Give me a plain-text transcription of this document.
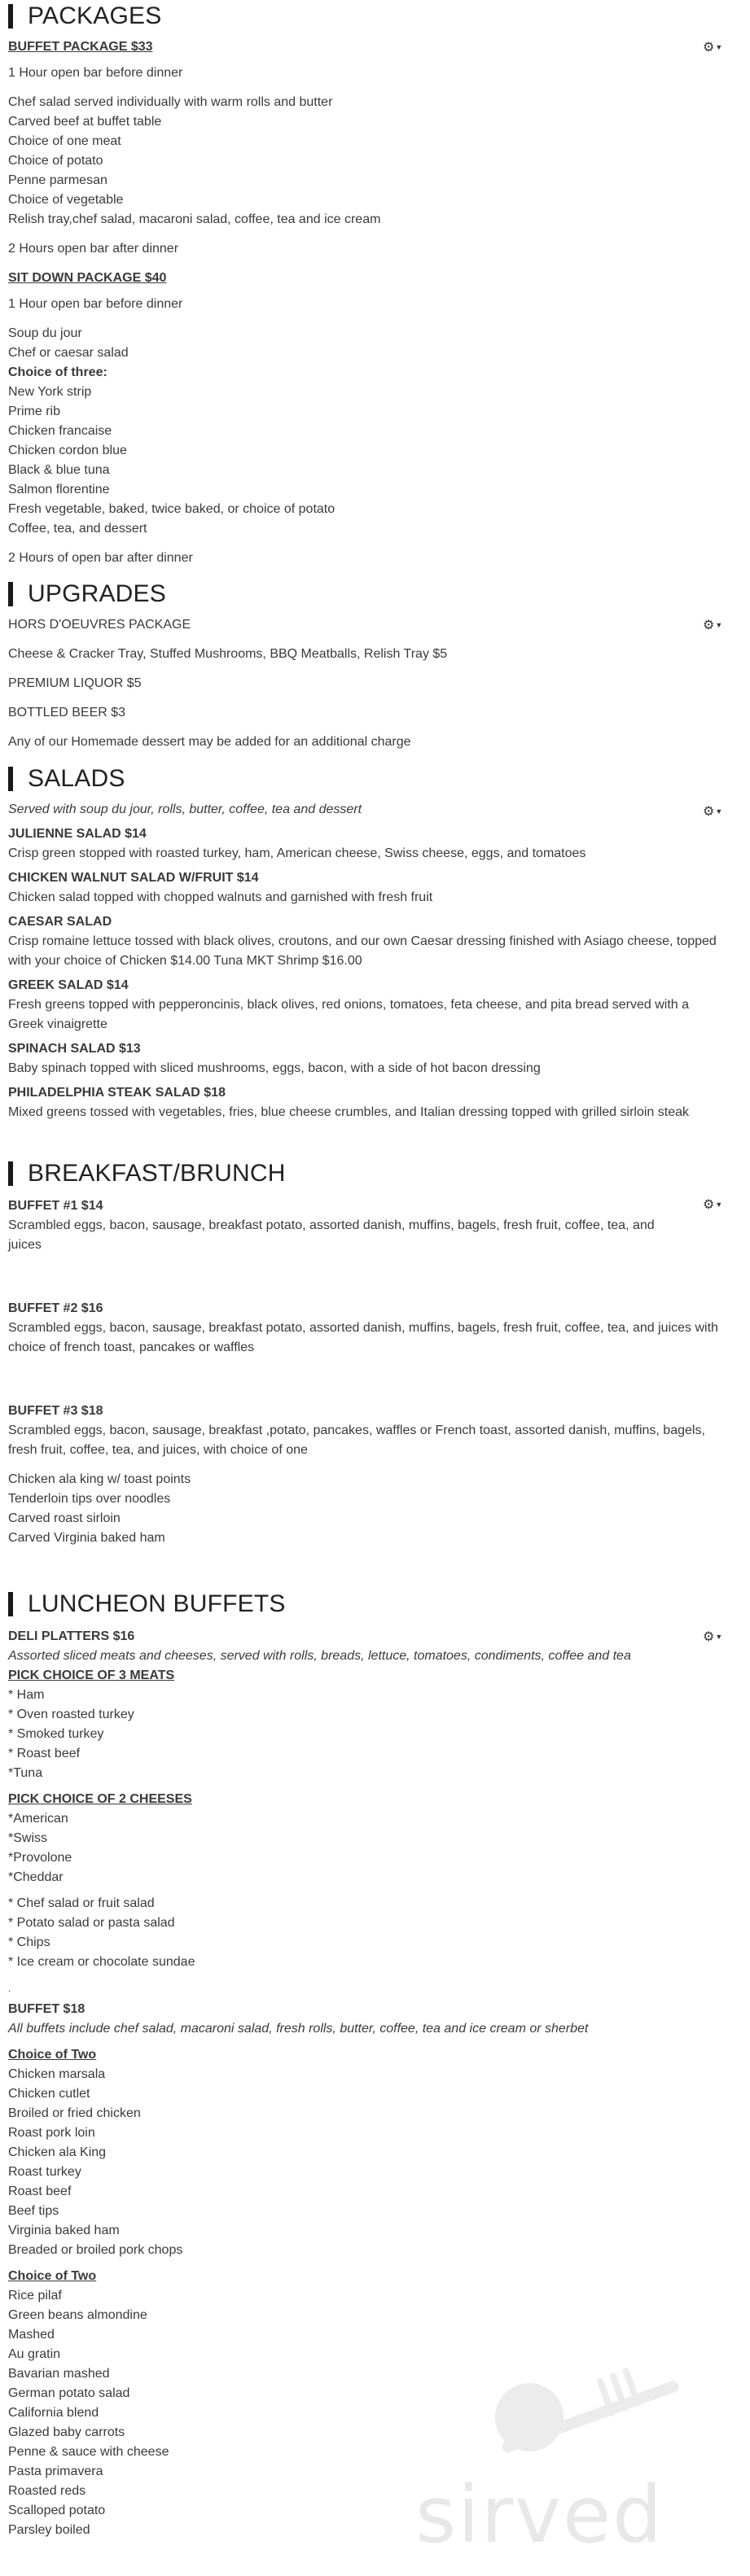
PACKAGES
⚙▼
BUFFET PACKAGE $33
1 Hour open bar before dinner
Chef salad served individually with warm rolls and butter
Carved beef at buffet table
Choice of one meat
Choice of potato
Penne parmesan
Choice of vegetable
Relish tray,chef salad, macaroni salad, coffee, tea and ice cream
2 Hours open bar after dinner
SIT DOWN PACKAGE $40
1 Hour open bar before dinner
Soup du jour
Chef or caesar salad
Choice of three:
New York strip
Prime rib
Chicken francaise
Chicken cordon blue
Black & blue tuna
Salmon florentine
Fresh vegetable, baked, twice baked, or choice of potato
Coffee, tea, and dessert
2 Hours of open bar after dinner
UPGRADES
⚙▼
HORS D'OEUVRES PACKAGE
Cheese & Cracker Tray, Stuffed Mushrooms, BBQ Meatballs, Relish Tray $5
PREMIUM LIQUOR $5
BOTTLED BEER $3
Any of our Homemade dessert may be added for an additional charge
SALADS
⚙▼
Served with soup du jour, rolls, butter, coffee, tea and dessert
JULIENNE SALAD $14
Crisp green stopped with roasted turkey, ham, American cheese, Swiss cheese, eggs, and tomatoes
CHICKEN WALNUT SALAD W/FRUIT $14
Chicken salad topped with chopped walnuts and garnished with fresh fruit
CAESAR SALAD
Crisp romaine lettuce tossed with black olives, croutons, and our own Caesar dressing finished with Asiago cheese, topped with your choice of Chicken $14.00 Tuna MKT Shrimp $16.00
GREEK SALAD $14
Fresh greens topped with pepperoncinis, black olives, red onions, tomatoes, feta cheese, and pita bread served with a Greek vinaigrette
SPINACH SALAD $13
Baby spinach topped with sliced mushrooms, eggs, bacon, with a side of hot bacon dressing
PHILADELPHIA STEAK SALAD $18
Mixed greens tossed with vegetables, fries, blue cheese crumbles, and Italian dressing topped with grilled sirloin steak
BREAKFAST/BRUNCH
⚙▼
BUFFET #1 $14
Scrambled eggs, bacon, sausage, breakfast potato, assorted danish, muffins, bagels, fresh fruit, coffee, tea, and juices
BUFFET #2 $16
Scrambled eggs, bacon, sausage, breakfast potato, assorted danish, muffins, bagels, fresh fruit, coffee, tea, and juices with choice of french toast, pancakes or waffles
BUFFET #3 $18
Scrambled eggs, bacon, sausage, breakfast ,potato, pancakes, waffles or French toast, assorted danish, muffins, bagels, fresh fruit, coffee, tea, and juices, with choice of one
Chicken ala king w/ toast points
Tenderloin tips over noodles
Carved roast sirloin
Carved Virginia baked ham
LUNCHEON BUFFETS
⚙▼
DELI PLATTERS $16
Assorted sliced meats and cheeses, served with rolls, breads, lettuce, tomatoes, condiments, coffee and tea
PICK CHOICE OF 3 MEATS
* Ham
* Oven roasted turkey
* Smoked turkey
* Roast beef
*Tuna
PICK CHOICE OF 2 CHEESES
*American
*Swiss
*Provolone
*Cheddar
* Chef salad or fruit salad
* Potato salad or pasta salad
* Chips
* Ice cream or chocolate sundae
.
BUFFET $18
All buffets include chef salad, macaroni salad, fresh rolls, butter, coffee, tea and ice cream or sherbet
Choice of Two
Chicken marsala
Chicken cutlet
Broiled or fried chicken
Roast pork loin
Chicken ala King
Roast turkey
Roast beef
Beef tips
Virginia baked ham
Breaded or broiled pork chops
Choice of Two
Rice pilaf
Green beans almondine
Mashed
Au gratin
Bavarian mashed
German potato salad
California blend
Glazed baby carrots
Penne & sauce with cheese
Pasta primavera
Roasted reds
Scalloped potato
Parsley boiled	sirved
